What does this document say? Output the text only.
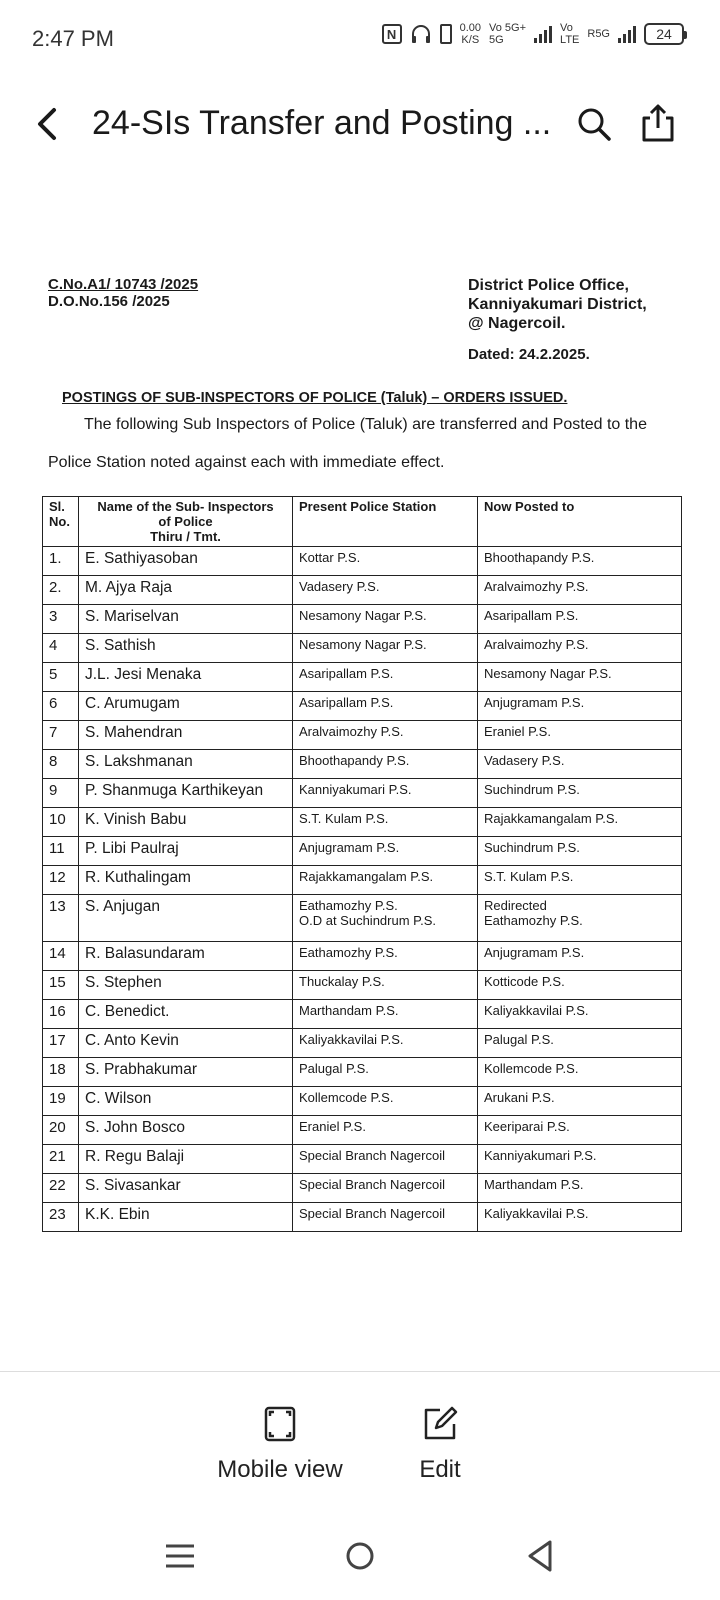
2:47 PM	N	0.00
K/S
Vo 5G+
5G
Vo
LTE R5G	24
24-SIs Transfer and Posting ...
C.No.A1/ 10743 /2025
D.O.No.156 /2025
District Police Office,
Kanniyakumari District,
@ Nagercoil.
Dated: 24.2.2025.
POSTINGS OF SUB-INSPECTORS OF POLICE (Taluk) – ORDERS ISSUED.
The following Sub Inspectors of Police (Taluk) are transferred and Posted to the
Police Station noted against each with immediate effect.
Sl.
No.	Name of the Sub- Inspectors
of Police
Thiru / Tmt.	Present Police Station	Now Posted to
1.	E. Sathiyasoban	Kottar P.S.	Bhoothapandy P.S.
2.	M. Ajya Raja	Vadasery P.S.	Aralvaimozhy P.S.
3	S. Mariselvan	Nesamony Nagar P.S.	Asaripallam P.S.
4	S. Sathish	Nesamony Nagar P.S.	Aralvaimozhy P.S.
5	J.L. Jesi Menaka	Asaripallam P.S.	Nesamony Nagar P.S.
6	C. Arumugam	Asaripallam P.S.	Anjugramam P.S.
7	S. Mahendran	Aralvaimozhy P.S.	Eraniel P.S.
8	S. Lakshmanan	Bhoothapandy P.S.	Vadasery P.S.
9	P. Shanmuga Karthikeyan	Kanniyakumari P.S.	Suchindrum P.S.
10	K. Vinish Babu	S.T. Kulam P.S.	Rajakkamangalam P.S.
11	P. Libi Paulraj	Anjugramam P.S.	Suchindrum P.S.
12	R. Kuthalingam	Rajakkamangalam P.S.	S.T. Kulam P.S.
13	S. Anjugan	Eathamozhy P.S.
O.D at Suchindrum P.S.	Redirected
Eathamozhy P.S.

14	R. Balasundaram	Eathamozhy P.S.	Anjugramam P.S.
15	S. Stephen	Thuckalay P.S.	Kotticode P.S.
16	C. Benedict.	Marthandam P.S.	Kaliyakkavilai P.S.
17	C. Anto Kevin	Kaliyakkavilai P.S.	Palugal P.S.
18	S. Prabhakumar	Palugal P.S.	Kollemcode P.S.
19	C. Wilson	Kollemcode P.S.	Arukani P.S.
20	S. John Bosco	Eraniel P.S.	Keeriparai P.S.
21	R. Regu Balaji	Special Branch Nagercoil	Kanniyakumari P.S.
22	S. Sivasankar	Special Branch Nagercoil	Marthandam P.S.
23	K.K. Ebin	Special Branch Nagercoil	Kaliyakkavilai P.S.
Mobile view	Edit
